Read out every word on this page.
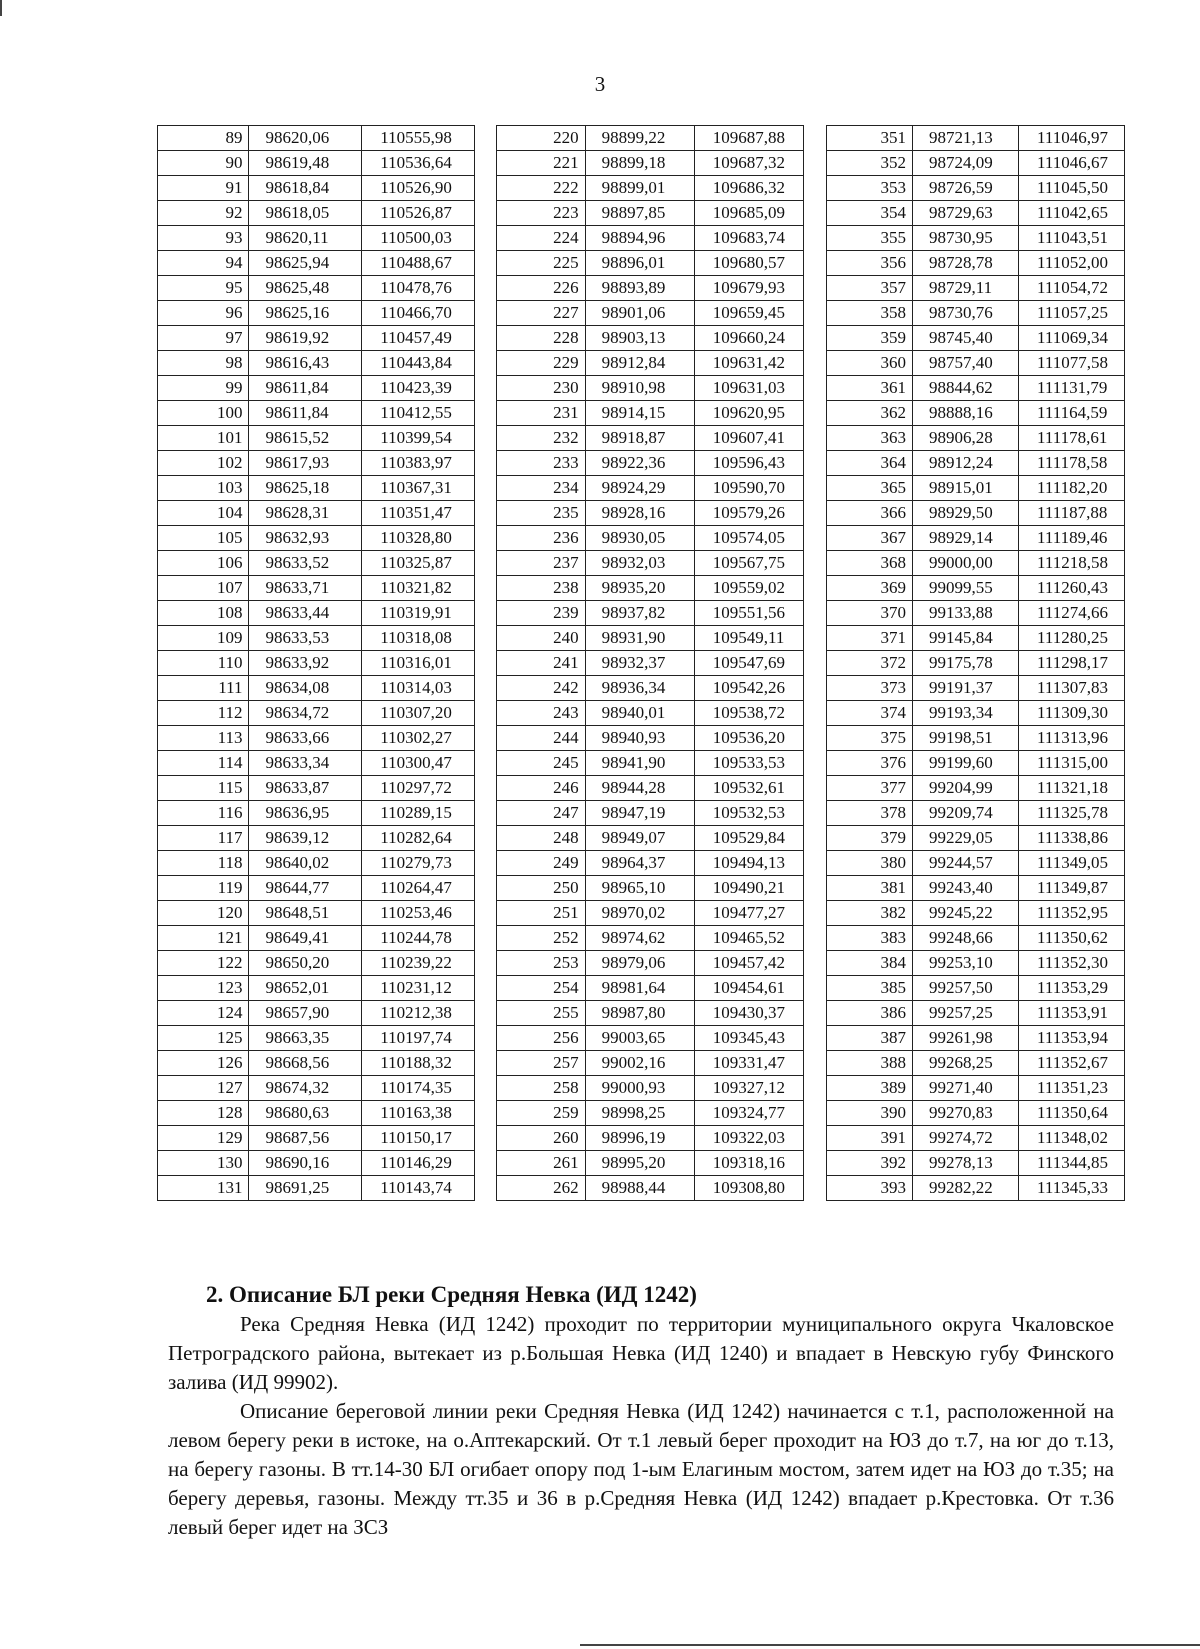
3
89	98620,06	110555,98
90	98619,48	110536,64
91	98618,84	110526,90
92	98618,05	110526,87
93	98620,11	110500,03
94	98625,94	110488,67
95	98625,48	110478,76
96	98625,16	110466,70
97	98619,92	110457,49
98	98616,43	110443,84
99	98611,84	110423,39
100	98611,84	110412,55
101	98615,52	110399,54
102	98617,93	110383,97
103	98625,18	110367,31
104	98628,31	110351,47
105	98632,93	110328,80
106	98633,52	110325,87
107	98633,71	110321,82
108	98633,44	110319,91
109	98633,53	110318,08
110	98633,92	110316,01
111	98634,08	110314,03
112	98634,72	110307,20
113	98633,66	110302,27
114	98633,34	110300,47
115	98633,87	110297,72
116	98636,95	110289,15
117	98639,12	110282,64
118	98640,02	110279,73
119	98644,77	110264,47
120	98648,51	110253,46
121	98649,41	110244,78
122	98650,20	110239,22
123	98652,01	110231,12
124	98657,90	110212,38
125	98663,35	110197,74
126	98668,56	110188,32
127	98674,32	110174,35
128	98680,63	110163,38
129	98687,56	110150,17
130	98690,16	110146,29
131	98691,25	110143,74
220	98899,22	109687,88
221	98899,18	109687,32
222	98899,01	109686,32
223	98897,85	109685,09
224	98894,96	109683,74
225	98896,01	109680,57
226	98893,89	109679,93
227	98901,06	109659,45
228	98903,13	109660,24
229	98912,84	109631,42
230	98910,98	109631,03
231	98914,15	109620,95
232	98918,87	109607,41
233	98922,36	109596,43
234	98924,29	109590,70
235	98928,16	109579,26
236	98930,05	109574,05
237	98932,03	109567,75
238	98935,20	109559,02
239	98937,82	109551,56
240	98931,90	109549,11
241	98932,37	109547,69
242	98936,34	109542,26
243	98940,01	109538,72
244	98940,93	109536,20
245	98941,90	109533,53
246	98944,28	109532,61
247	98947,19	109532,53
248	98949,07	109529,84
249	98964,37	109494,13
250	98965,10	109490,21
251	98970,02	109477,27
252	98974,62	109465,52
253	98979,06	109457,42
254	98981,64	109454,61
255	98987,80	109430,37
256	99003,65	109345,43
257	99002,16	109331,47
258	99000,93	109327,12
259	98998,25	109324,77
260	98996,19	109322,03
261	98995,20	109318,16
262	98988,44	109308,80
351	98721,13	111046,97
352	98724,09	111046,67
353	98726,59	111045,50
354	98729,63	111042,65
355	98730,95	111043,51
356	98728,78	111052,00
357	98729,11	111054,72
358	98730,76	111057,25
359	98745,40	111069,34
360	98757,40	111077,58
361	98844,62	111131,79
362	98888,16	111164,59
363	98906,28	111178,61
364	98912,24	111178,58
365	98915,01	111182,20
366	98929,50	111187,88
367	98929,14	111189,46
368	99000,00	111218,58
369	99099,55	111260,43
370	99133,88	111274,66
371	99145,84	111280,25
372	99175,78	111298,17
373	99191,37	111307,83
374	99193,34	111309,30
375	99198,51	111313,96
376	99199,60	111315,00
377	99204,99	111321,18
378	99209,74	111325,78
379	99229,05	111338,86
380	99244,57	111349,05
381	99243,40	111349,87
382	99245,22	111352,95
383	99248,66	111350,62
384	99253,10	111352,30
385	99257,50	111353,29
386	99257,25	111353,91
387	99261,98	111353,94
388	99268,25	111352,67
389	99271,40	111351,23
390	99270,83	111350,64
391	99274,72	111348,02
392	99278,13	111344,85
393	99282,22	111345,33
2. Описание БЛ реки Средняя Невка (ИД 1242)

Река Средняя Невка (ИД 1242) проходит по территории муниципального округа Чкаловское Петроградского района, вытекает из р.Большая Невка (ИД 1240) и впадает в Невскую губу Финского залива (ИД 99902).

Описание береговой линии реки Средняя Невка (ИД 1242) начинается с т.1, расположенной на левом берегу реки в истоке, на о.Аптекарский. От т.1 левый берег проходит на ЮЗ до т.7, на юг до т.13, на берегу газоны. В тт.14-30 БЛ огибает опору под 1-ым Елагиным мостом, затем идет на ЮЗ до т.35; на берегу деревья, газоны. Между тт.35 и 36 в р.Средняя Невка (ИД 1242) впадает р.Крестовка. От т.36 левый берег идет на ЗСЗ
